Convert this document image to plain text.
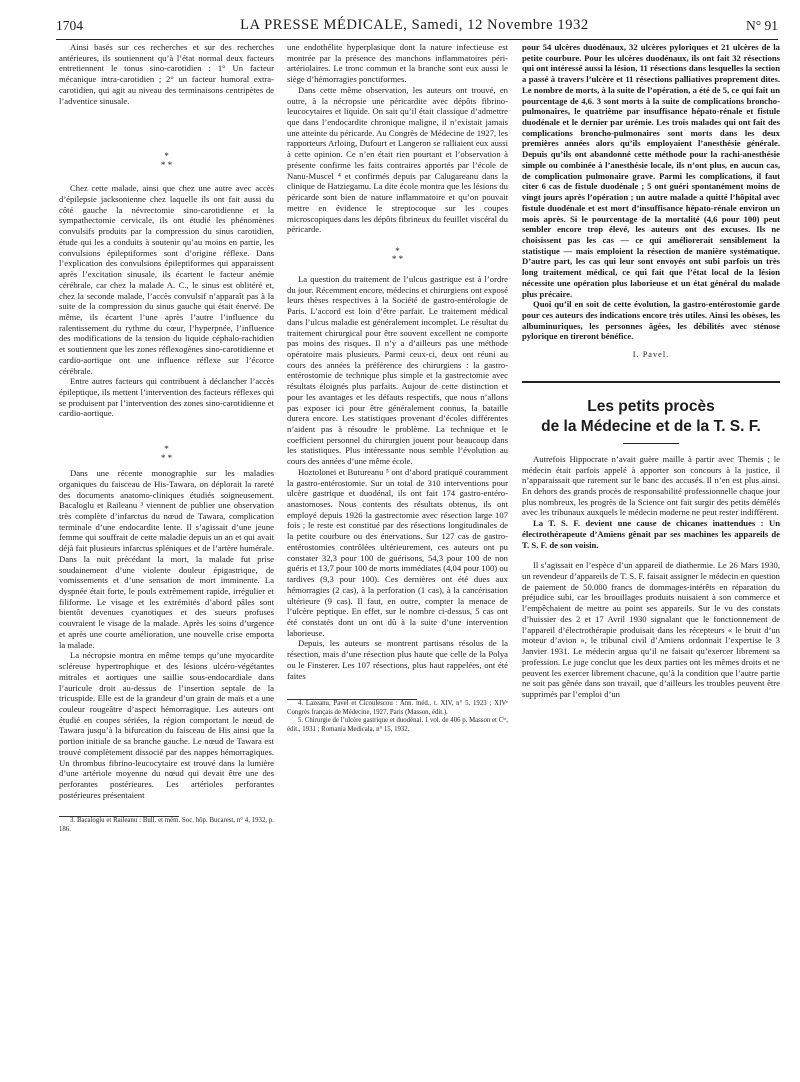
1704	LA PRESSE MÉDICALE, Samedi, 12 Novembre 1932	N° 91

Ainsi basés sur ces recherches et sur des recherches antérieures, ils soutiennent qu’à l’état normal deux facteurs entretiennent le tonus sino-carotidien : 1° Un facteur mécanique intra-carotidien ; 2° un facteur humoral extra-carotidien, qui agit au niveau des terminaisons centripètes de l’adventice sinusale.

*
* *

Chez cette malade, ainsi que chez une autre avec accès d’épilepsie jacksonienne chez laquelle ils ont fait aussi du côté gauche la névrectomie sino-carotidienne et la sympathectomie cervicale, ils ont étudié les phénomènes convulsifs produits par la compression du sinus carotidien, étude qui les a conduits à soutenir qu’au moins en partie, les convulsions épileptiformes sont d’origine réflexe. Dans l’explication des convulsions épileptiformes qui apparaissent après l’excitation sinusale, ils écartent le facteur anémie cérébrale, car chez la malade A. C., le sinus est oblitéré et, chez la seconde malade, l’accès convulsif n’apparaît pas à la suite de la compression du sinus gauche qui était énervé. De même, ils écartent l’une après l’autre l’influence du ralentissement du rythme du cœur, l’hyperpnée, l’influence des modifications de la tension du liquide céphalo-rachidien et soutiennent que les zones réflexogènes sino-carotidienne et cardio-aortique ont une influence réflexe sur l’écorce cérébrale.

Entre autres facteurs qui contribuent à déclancher l’accès épileptique, ils mettent l’intervention des facteurs réflexes qui se produisent par l’intervention des zones sino-carotidienne et cardio-aortique.

*
* *

Dans une récente monographie sur les maladies organiques du faisceau de His-Tawara, on déplorait la rareté des documents anatomo-cliniques étudiés soigneusement. Bacaloglu et Raileanu ³ viennent de publier une observation très complète d’infarctus du nœud de Tawara, complication terminale d’une endocardite lente. Il s’agissait d’une jeune femme qui souffrait de cette maladie depuis un an et qui avait déjà fait plusieurs infarctus spléniques et de l’artère humérale. Dans la nuit précédant la mort, la malade fut prise soudainement d’une violente douleur épigastrique, de vomissements et d’une sensation de mort imminente. La dyspnée était forte, le pouls extrêmement rapide, irrégulier et filiforme. Le visage et les extrémités d’abord pâles sont bientôt devenues cyanotiques et des sueurs profuses couvraient le visage de la malade. Après les soins d’urgence et après une courte amélioration, une nouvelle crise emporta la malade.

La nécropsie montra en même temps qu’une myocardite scléreuse hypertrophique et des lésions ulcéro-végétantes mitrales et aortiques une saillie sous-endocardiale dans l’auricule droit au-dessus de l’insertion septale de la tricuspide. Elle est de la grandeur d’un grain de maïs et a une couleur rougeâtre d’aspect hémorragique. Les auteurs ont étudié en coupes sériées, la région comportant le nœud de Tawara jusqu’à la bifurcation du faisceau de His ainsi que la portion initiale de sa branche gauche. Le nœud de Tawara est trouvé complètement dissocié par des nappes hémorragiques. Un thrombus fibrino-leucocytaire est trouvé dans la lumière d’une artériole moyenne du nœud qui devait être une des perforantes postérieures. Les artérioles perforantes postérieures présentaient

3. Bacaloglu et Raileanu : Bull. et mém. Soc. hôp. Bucarest, n° 4, 1932, p. 186.

une endothélite hyperplasique dont la nature infectieuse est montrée par la présence des manchons inflammatoires péri-artériolaires. Le tronc commun et la branche sont eux aussi le siège d’hémorragies ponctiformes.

Dans cette même observation, les auteurs ont trouvé, en outre, à la nécropsie une péricardite avec dépôts fibrino-leucocytaires et liquide. On sait qu’il était classique d’admettre que dans l’endocardite chronique maligne, il n’existait jamais une atteinte du péricarde. Au Congrès de Médecine de 1927, les rapporteurs Arloing, Dufourt et Langeron se ralliaient eux aussi à cette opinion. Ce n’en était rien pourtant et l’observation à présente confirme les faits contraires apportés par l’école de Nanu-Muscel ⁴ et confirmés depuis par Calugareanu dans la clinique de Hatziegamu. La dite école montra que les lésions du péricarde sont bien de nature inflammatoire et qu’on pouvait mettre en évidence le streptocoque sur les coupes microscopiques dans les dépôts fibrineux du feuillet viscéral du péricarde.

*
* *

La question du traitement de l’ulcus gastrique est à l’ordre du jour. Récemment encore, médecins et chirurgiens ont exposé leurs thèses respectives à la Société de gastro-entérologie de Paris. L’accord est loin d’être parfait. Le traitement médical dans l’ulcus maladie est généralement incomplet. Le résultat du traitement chirurgical pour être souvent excellent ne comporte pas moins des risques. Il n’y a d’ailleurs pas une méthode opératoire mais plusieurs. Parmi ceux-ci, deux ont réuni au cours des années la préférence des chirurgiens : la gastro-entérostomie de technique plus simple et la gastrectomie avec résultats éloignés plus parfaits. Aujour de cette distinction et pour les avantages et les défauts respectifs, que nous n’allons pas exposer ici pour être généralement connus, la bataille durera encore. Les statistiques provenant d’écoles différentes n’aident pas à résoudre le problème. La technique et le coefficient personnel du chirurgien jouent pour beaucoup dans les statistiques. Plus intéressante nous semble l’évolution au cours des années d’une même école.

Hoztolonei et Butureanu ⁵ ont d’abord pratiqué couramment la gastro-entérostomie. Sur un total de 310 interventions pour ulcère gastrique et duodénal, ils ont fait 174 gastro-entéro-anastomoses. Nous contents des résultats obtenus, ils ont employé depuis 1926 la gastrectomie avec résection large 107 fois ; le reste est constitué par des résections longitudinales de la petite courbure ou des énervations. Sur 127 cas de gastro-entérostomies contrôlées ultérieurement, ces auteurs ont pu constater 32,3 pour 100 de guérisons, 54,3 pour 100 de non guéris et 13,7 pour 100 de morts immédiates (4,04 pour 100) ou tardives (9,3 pour 100). Ces dernières ont été dues aux hémorragies (2 cas), à la perforation (1 cas), à la cancérisation ultérieure (9 cas). Il faut, en outre, compter la menace de l’ulcère peptique. En effet, sur le nombre ci-dessus, 5 cas ont été constatés dont un ont dû à la suite d’une intervention laborieuse.

Depuis, les auteurs se montrent partisans résolus de la résection, mais d’une résection plus haute que celle de la Polya ou le Finsterer. Les 107 résections, plus haut rappelées, ont été faites

4. Lazeanu, Pavel et Cicoulescou : Ann. méd., t. XIV, n° 5, 1923 ; XIVᵉ Congrès français de Médecine, 1927, Paris (Masson, édit.).

5. Chirurgie de l’ulcère gastrique et duodénal. 1 vol. de 406 p. Masson et Cⁱᵉ, édit., 1931 ; Romania Medicala, n° 15, 1932.

pour 54 ulcères duodénaux, 32 ulcères pyloriques et 21 ulcères de la petite courbure. Pour les ulcères duodénaux, ils ont fait 32 résections qui ont intéressé aussi la lésion, 11 résections dans lesquelles la section a passé à travers l’ulcère et 11 résections palliatives proprement dites. Le nombre de morts, à la suite de l’opération, a été de 5, ce qui fait un pourcentage de 4,6. 3 sont morts à la suite de complications broncho-pulmonaires, le quatrième par insuffisance hépato-rénale et fistule duodénale et le dernier par urémie. Les trois malades qui ont fait des complications broncho-pulmonaires sont morts dans les deux premières années alors qu’ils employaient l’anesthésie générale. Depuis qu’ils ont abandonné cette méthode pour la rachi-anesthésie simple ou combinée à l’anesthésie locale, ils n’ont plus, en aucun cas, de complication pulmonaire grave. Parmi les complications, il faut citer 6 cas de fistule duodénale ; 5 ont guéri spontanément moins de vingt jours après l’opération ; un autre malade a quitté l’hôpital avec fistule duodénale et est mort d’insuffisance hépato-rénale environ un mois après. Si le pourcentage de la mortalité (4,6 pour 100) peut sembler encore trop élevé, les auteurs ont des excuses. Ils ne choisissent pas les cas — ce qui améliorerait sensiblement la statistique — mais emploient la résection de manière systématique. D’autre part, les cas qui leur sont envoyés ont subi parfois un très long traitement médical, ce qui fait que l’état local de la lésion nécessite une opération plus laborieuse et un état général du malade plus précaire.

Quoi qu’il en soit de cette évolution, la gastro-entérostomie garde pour ces auteurs des indications encore très utiles. Ainsi les obèses, les albuminuriques, les personnes âgées, les débilités avec sténose pylorique en tireront bénéfice.

I. Pavel.
Les petits procès
de la Médecine et de la T. S. F.

Autrefois Hippocrate n’avait guère maille à partir avec Themis ; le médecin était parfois appelé à apporter son concours à la justice, il n’apparaissait que rarement sur le banc des accusés. Il n’en est plus ainsi. En dehors des grands procès de responsabilité professionnelle chaque jour plus nombreux, les progrès de la Science ont fait surgir des petits démêlés avec les tribunaux auxquels le médecin moderne ne peut rester indifférent.

La T. S. F. devient une cause de chicanes inattendues : Un électrothérapeute d’Amiens gênait par ses machines les appareils de T. S. F. de son voisin.

Il s’agissait en l’espèce d’un appareil de diathermie. Le 26 Mars 1930, un revendeur d’appareils de T. S. F. faisait assigner le médecin en question de paiement de 50.000 francs de dommages-intérêts en réparation du préjudice subi, car les brouillages produits nuisaient à son commerce et l’empêchaient de mettre au point ses appareils. Sur le vu des constats d’huissier des 2 et 17 Avril 1930 signalant que le fonctionnement de l’appareil d’électrothérapie produisait dans les récepteurs « le bruit d’un moteur d’avion », le tribunal civil d’Amiens ordonnait l’expertise le 3 Janvier 1931. Le médecin argua qu’il ne faisait qu’exercer librement sa profession. Le juge conclut que les deux parties ont les mêmes droits et ne peuvent les exercer librement chacune, qu’à la condition que l’autre partie ne soit pas gênée dans son travail, que d’ailleurs les troubles peuvent être supprimés par l’emploi d’un
